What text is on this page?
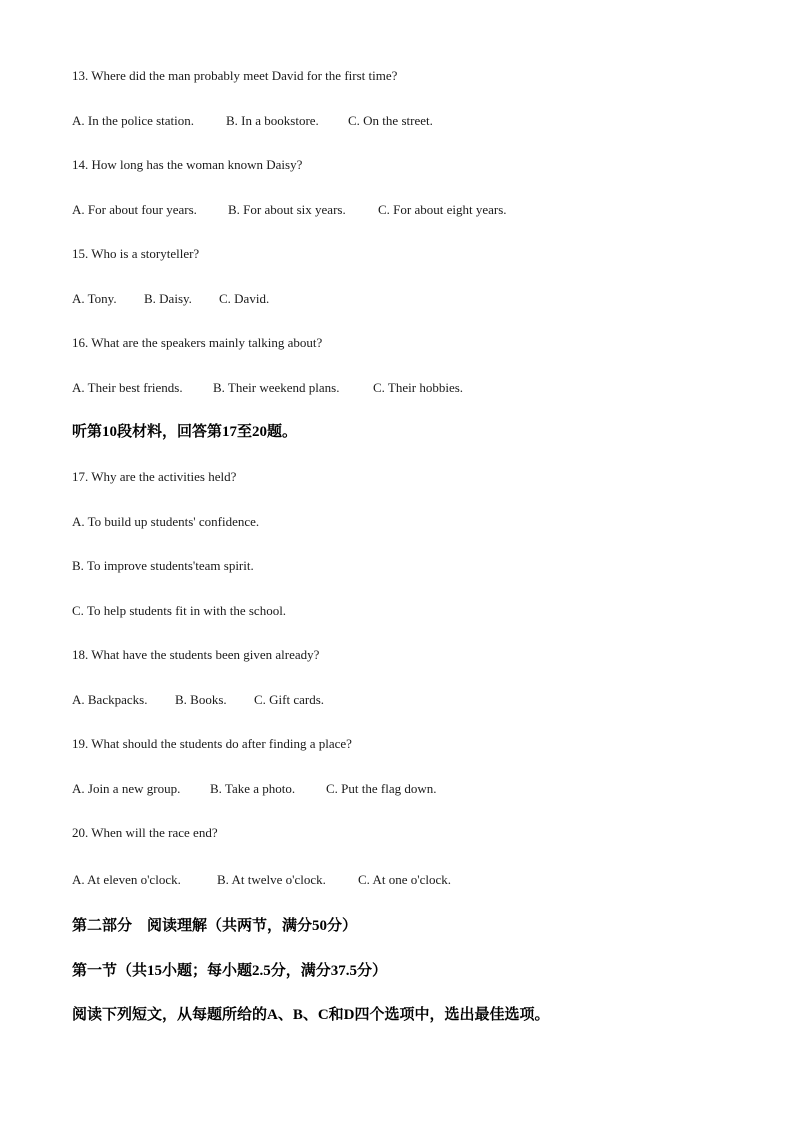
13. Where did the man probably meet David for the first time?
A. In the police station. B. In a bookstore. C. On the street.
14. How long has the woman known Daisy?
A. For about four years. B. For about six years. C. For about eight years.
15. Who is a storyteller?
A. Tony. B. Daisy. C. David.
16. What are the speakers mainly talking about?
A. Their best friends. B. Their weekend plans.	C. Their hobbies.
听第10段材料，回答第17至20题。
17. Why are the activities held?
A. To build up students' confidence.
B. To improve students'team spirit.
C. To help students fit in with the school.
18. What have the students been given already?
A. Backpacks. B. Books. C. Gift cards.
19. What should the students do after finding a place?
A. Join a new group. B. Take a photo. C. Put the flag down.
20. When will the race end?
A. At eleven o'clock.	B. At twelve o'clock. C. At one o'clock.
第二部分　阅读理解（共两节，满分50分）
第一节（共15小题；每小题2.5分，满分37.5分）
阅读下列短文，从每题所给的A、B、C和D四个选项中，选出最佳选项。
